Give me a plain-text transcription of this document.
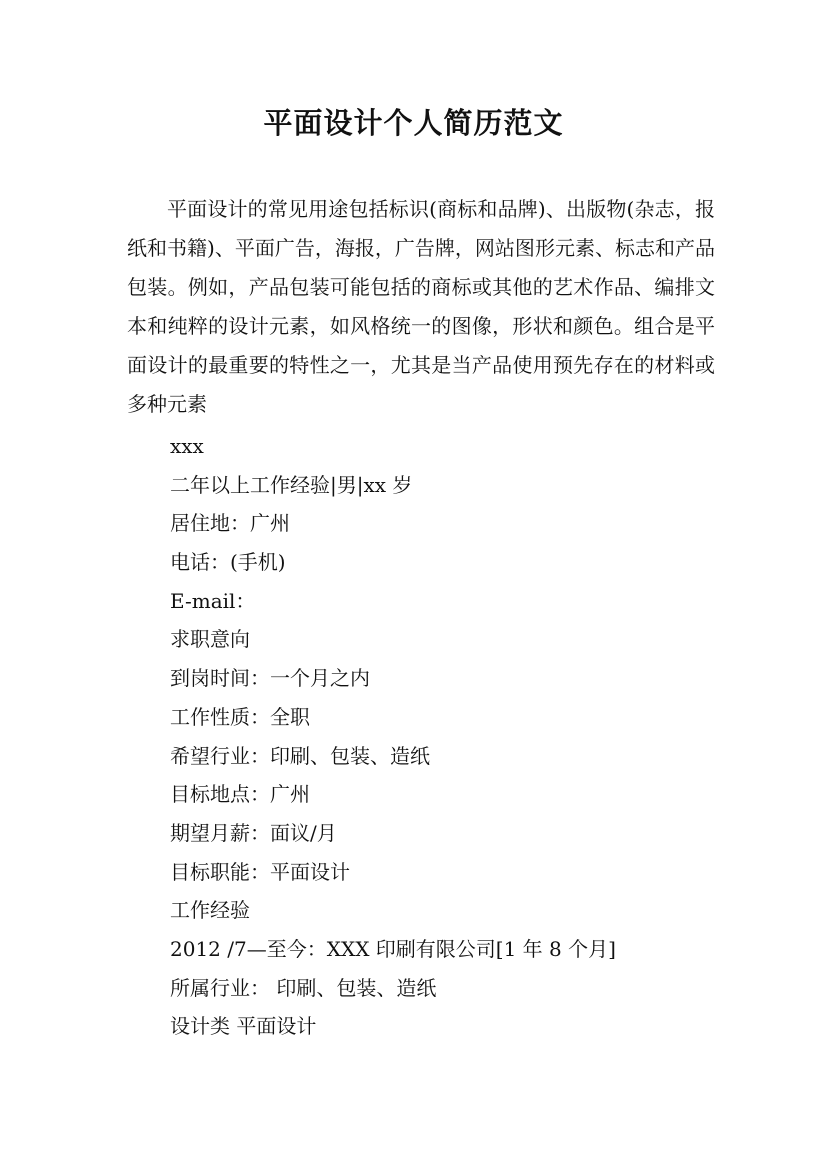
平面设计个人简历范文

平面设计的常见用途包括标识(商标和品牌)、出版物(杂志，报纸和书籍)、平面广告，海报，广告牌，网站图形元素、标志和产品包装。例如，产品包装可能包括的商标或其他的艺术作品、编排文本和纯粹的设计元素，如风格统一的图像，形状和颜色。组合是平面设计的最重要的特性之一，尤其是当产品使用预先存在的材料或多种元素

xxx
二年以上工作经验|男|xx 岁
居住地：广州
电话：(手机)
E-mail：
求职意向
到岗时间：一个月之内
工作性质：全职
希望行业：印刷、包装、造纸
目标地点：广州
期望月薪：面议/月
目标职能：平面设计
工作经验
2012 /7—至今：XXX 印刷有限公司[1 年 8 个月]
所属行业： 印刷、包装、造纸
设计类 平面设计
